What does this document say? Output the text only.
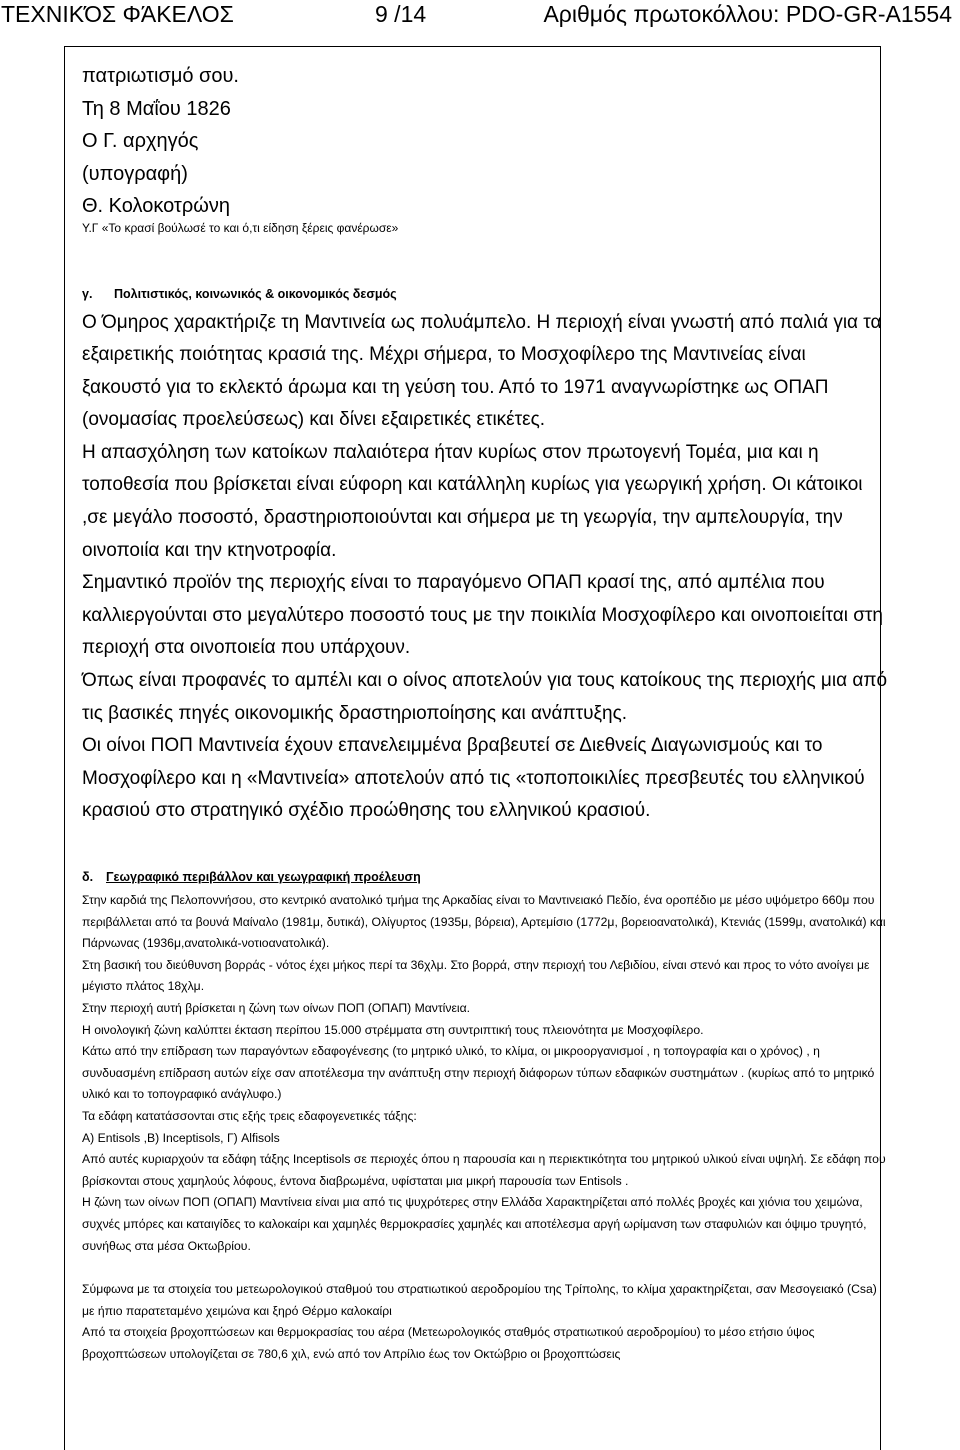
ΤΕΧΝΙΚΌΣ ΦΆΚΕΛΟΣ	9 /14	Αριθμός πρωτοκόλλου: PDO-GR-A1554

πατριωτισμό σου.

Τη 8 Μαΐου 1826

Ο Γ. αρχηγός

(υπογραφή)

Θ. Κολοκοτρώνη

Υ.Γ «Το κρασί βούλωσέ το και ό,τι είδηση ξέρεις φανέρωσε»

γ. Πολιτιστικός, κοινωνικός & οικονομικός δεσμός

Ο Όμηρος χαρακτήριζε τη Μαντινεία ως πολυάμπελο. Η περιοχή είναι γνωστή από παλιά για τα εξαιρετικής ποιότητας κρασιά της. Μέχρι σήμερα, το Μοσχοφίλερο της Μαντινείας είναι ξακουστό για το εκλεκτό άρωμα και τη γεύση του. Από το 1971 αναγνωρίστηκε ως ΟΠΑΠ (ονομασίας προελεύσεως) και δίνει εξαιρετικές ετικέτες.

Η απασχόληση των κατοίκων παλαιότερα ήταν κυρίως στον πρωτογενή Τομέα, μια και η τοποθεσία που βρίσκεται είναι εύφορη και κατάλληλη κυρίως για γεωργική χρήση. Οι κάτοικοι ,σε μεγάλο ποσοστό, δραστηριοποιούνται και σήμερα με τη γεωργία, την αμπελουργία, την οινοποιία και την κτηνοτροφία.

Σημαντικό προϊόν της περιοχής είναι το παραγόμενο ΟΠΑΠ κρασί της, από αμπέλια που καλλιεργούνται στο μεγαλύτερο ποσοστό τους με την ποικιλία Μοσχοφίλερο και οινοποιείται στη περιοχή στα οινοποιεία που υπάρχουν.

Όπως είναι προφανές το αμπέλι και ο οίνος αποτελούν για τους κατοίκους της περιοχής μια από τις βασικές πηγές οικονομικής δραστηριοποίησης και ανάπτυξης.

Οι οίνοι ΠΟΠ Μαντινεία έχουν επανελειμμένα βραβευτεί σε Διεθνείς Διαγωνισμούς και το Μοσχοφίλερο και η «Μαντινεία» αποτελούν από τις «τοποποικιλίες πρεσβευτές του ελληνικού κρασιού στο στρατηγικό σχέδιο προώθησης του ελληνικού κρασιού.

δ. Γεωγραφικό περιβάλλον και γεωγραφική προέλευση

Στην καρδιά της Πελοποννήσου, στο κεντρικό ανατολικό τμήμα της Αρκαδίας είναι το Μαντινειακό Πεδίο, ένα οροπέδιο με μέσο υψόμετρο 660μ που περιβάλλεται από τα βουνά Μαίναλο (1981μ, δυτικά), Ολίγυρτος (1935μ, βόρεια), Αρτεμίσιο (1772μ, βορειοανατολικά), Κτενιάς (1599μ, ανατολικά) και Πάρνωνας (1936μ,ανατολικά-νοτιοανατολικά).

Στη βασική του διεύθυνση βορράς - νότος έχει μήκος περί τα 36χλμ. Στο βορρά, στην περιοχή του Λεβιδίου, είναι στενό και προς το νότο ανοίγει με μέγιστο πλάτος 18χλμ.

Στην περιοχή αυτή βρίσκεται η ζώνη των οίνων ΠΟΠ (ΟΠΑΠ) Μαντίνεια.

Η οινολογική ζώνη καλύπτει έκταση περίπου 15.000 στρέμματα στη συντριπτική τους πλειονότητα με Μοσχοφίλερο.

Κάτω από την επίδραση των παραγόντων εδαφογένεσης (το μητρικό υλικό, το κλίμα, οι μικροοργανισμοί , η τοπογραφία και ο χρόνος) , η συνδυασμένη επίδραση αυτών είχε σαν αποτέλεσμα την ανάπτυξη στην περιοχή διάφορων τύπων εδαφικών συστημάτων . (κυρίως από το μητρικό υλικό και το τοπογραφικό ανάγλυφο.)

Τα εδάφη κατατάσσονται στις εξής τρεις εδαφογενετικές τάξης:

Α) Entisols ,Β) Inceptisols, Γ) Alfisols

Από αυτές κυριαρχούν τα εδάφη τάξης Inceptisols σε περιοχές όπου η παρουσία και η περιεκτικότητα του μητρικού υλικού είναι υψηλή. Σε εδάφη που βρίσκονται στους χαμηλούς λόφους, έντονα διαβρωμένα, υφίσταται μια μικρή παρουσία των Entisols .

Η ζώνη των οίνων ΠΟΠ (ΟΠΑΠ) Μαντίνεια είναι μια από τις ψυχρότερες στην Ελλάδα Χαρακτηρίζεται από πολλές βροχές και χιόνια του χειμώνα, συχνές μπόρες και καταιγίδες το καλοκαίρι και χαμηλές θερμοκρασίες χαμηλές και αποτέλεσμα αργή ωρίμανση των σταφυλιών και όψιμο τρυγητό, συνήθως στα μέσα Οκτωβρίου.

Σύμφωνα με τα στοιχεία του μετεωρολογικού σταθμού του στρατιωτικού αεροδρομίου της Τρίπολης, το κλίμα χαρακτηρίζεται, σαν Μεσογειακό (Csa) με ήπιο παρατεταμένο χειμώνα και ξηρό Θέρμο καλοκαίρι

Από τα στοιχεία βροχοπτώσεων και θερμοκρασίας του αέρα (Μετεωρολογικός σταθμός στρατιωτικού αεροδρομίου) το μέσο ετήσιο ύψος βροχοπτώσεων υπολογίζεται σε 780,6 χιλ, ενώ από τον Απρίλιο έως τον Οκτώβριο οι βροχοπτώσεις
